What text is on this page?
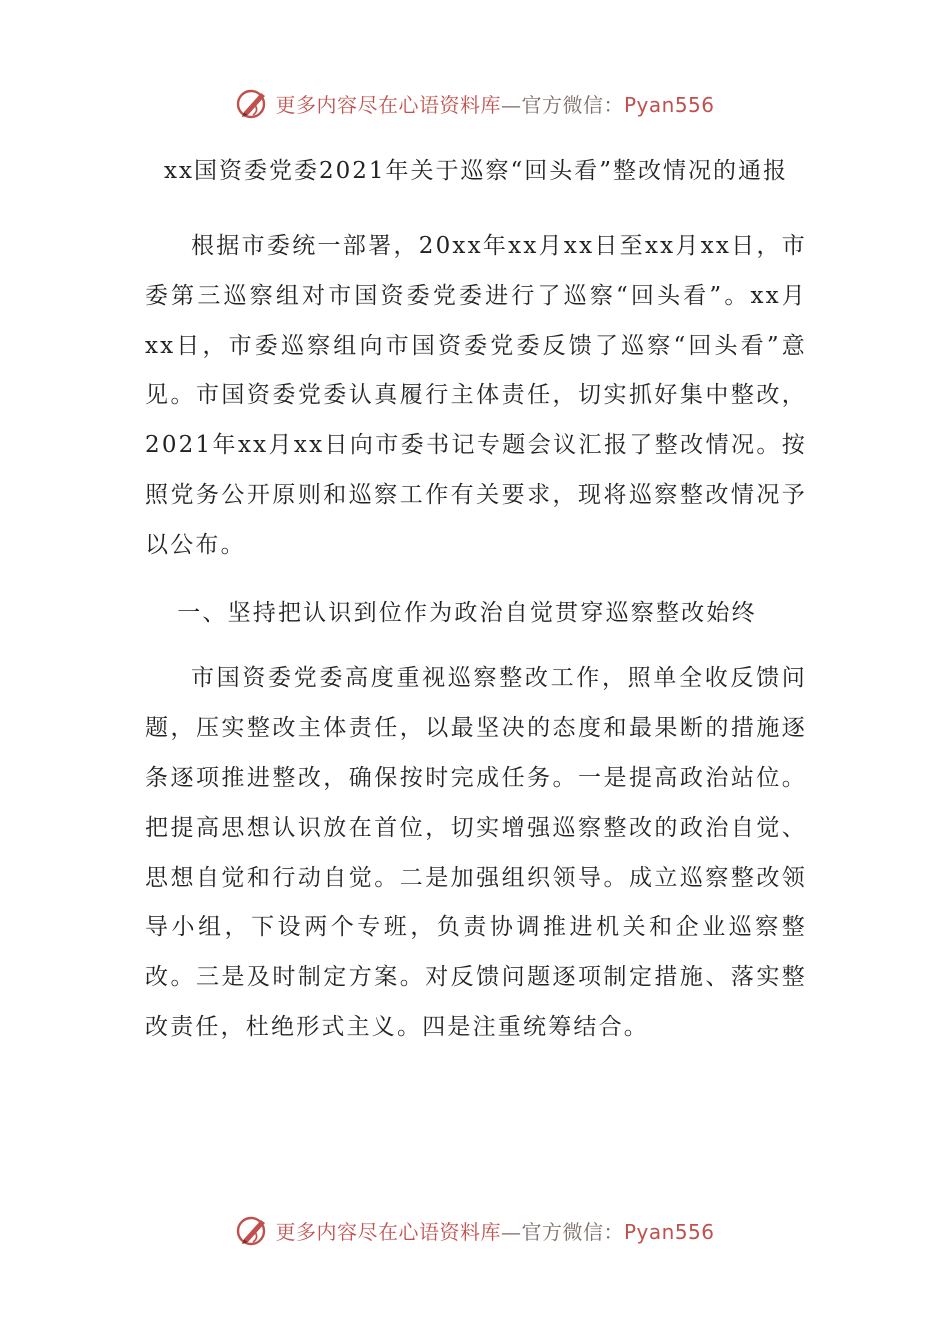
更多内容尽在心语资料库—官方微信：Pyan556
xx国资委党委2021年关于巡察“回头看”整改情况的通报

根据市委统一部署，20xx年xx月xx日至xx月xx日，市委第三巡察组对市国资委党委进行了巡察“回头看”。xx月xx日，市委巡察组向市国资委党委反馈了巡察“回头看”意见。市国资委党委认真履行主体责任，切实抓好集中整改，2021年xx月xx日向市委书记专题会议汇报了整改情况。按照党务公开原则和巡察工作有关要求，现将巡察整改情况予以公布。

一、坚持把认识到位作为政治自觉贯穿巡察整改始终

市国资委党委高度重视巡察整改工作，照单全收反馈问题，压实整改主体责任，以最坚决的态度和最果断的措施逐条逐项推进整改，确保按时完成任务。一是提高政治站位。把提高思想认识放在首位，切实增强巡察整改的政治自觉、思想自觉和行动自觉。二是加强组织领导。成立巡察整改领导小组，下设两个专班，负责协调推进机关和企业巡察整改。三是及时制定方案。对反馈问题逐项制定措施、落实整改责任，杜绝形式主义。四是注重统筹结合。

更多内容尽在心语资料库—官方微信：Pyan556
